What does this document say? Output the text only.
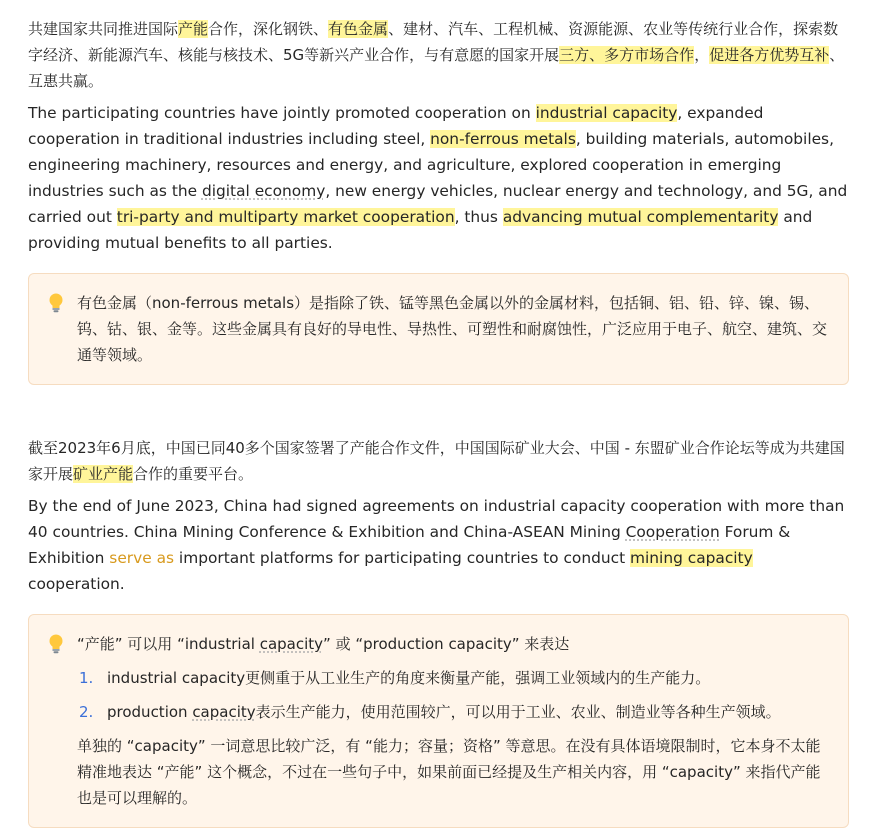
共建国家共同推进国际产能合作，深化钢铁、有色金属、建材、汽车、工程机械、资源能源、农业等传统行业合作，探索数字经济、新能源汽车、核能与核技术、5G等新兴产业合作，与有意愿的国家开展三方、多方市场合作，促进各方优势互补、互惠共赢。

The participating countries have jointly promoted cooperation on industrial capacity, expanded cooperation in traditional industries including steel, non-ferrous metals, building materials, automobiles, engineering machinery, resources and energy, and agriculture, explored cooperation in emerging industries such as the digital economy, new energy vehicles, nuclear energy and technology, and 5G, and carried out tri-party and multiparty market cooperation, thus advancing mutual complementarity and providing mutual benefits to all parties.

有色金属（non-ferrous metals）是指除了铁、锰等黑色金属以外的金属材料，包括铜、铝、铅、锌、镍、锡、钨、钴、银、金等。这些金属具有良好的导电性、导热性、可塑性和耐腐蚀性，广泛应用于电子、航空、建筑、交通等领域。

截至2023年6月底，中国已同40多个国家签署了产能合作文件，中国国际矿业大会、中国 - 东盟矿业合作论坛等成为共建国家开展矿业产能合作的重要平台。

By the end of June 2023, China had signed agreements on industrial capacity cooperation with more than 40 countries. China Mining Conference & Exhibition and China-ASEAN Mining Cooperation Forum & Exhibition serve as important platforms for participating countries to conduct mining capacity cooperation.

“产能” 可以用 “industrial capacity” 或 “production capacity” 来表达
1. industrial capacity更侧重于从工业生产的角度来衡量产能，强调工业领域内的生产能力。
2. production capacity表示生产能力，使用范围较广，可以用于工业、农业、制造业等各种生产领域。
单独的 “capacity” 一词意思比较广泛，有 “能力；容量；资格” 等意思。在没有具体语境限制时，它本身不太能精准地表达 “产能” 这个概念，不过在一些句子中，如果前面已经提及生产相关内容，用 “capacity” 来指代产能也是可以理解的。
